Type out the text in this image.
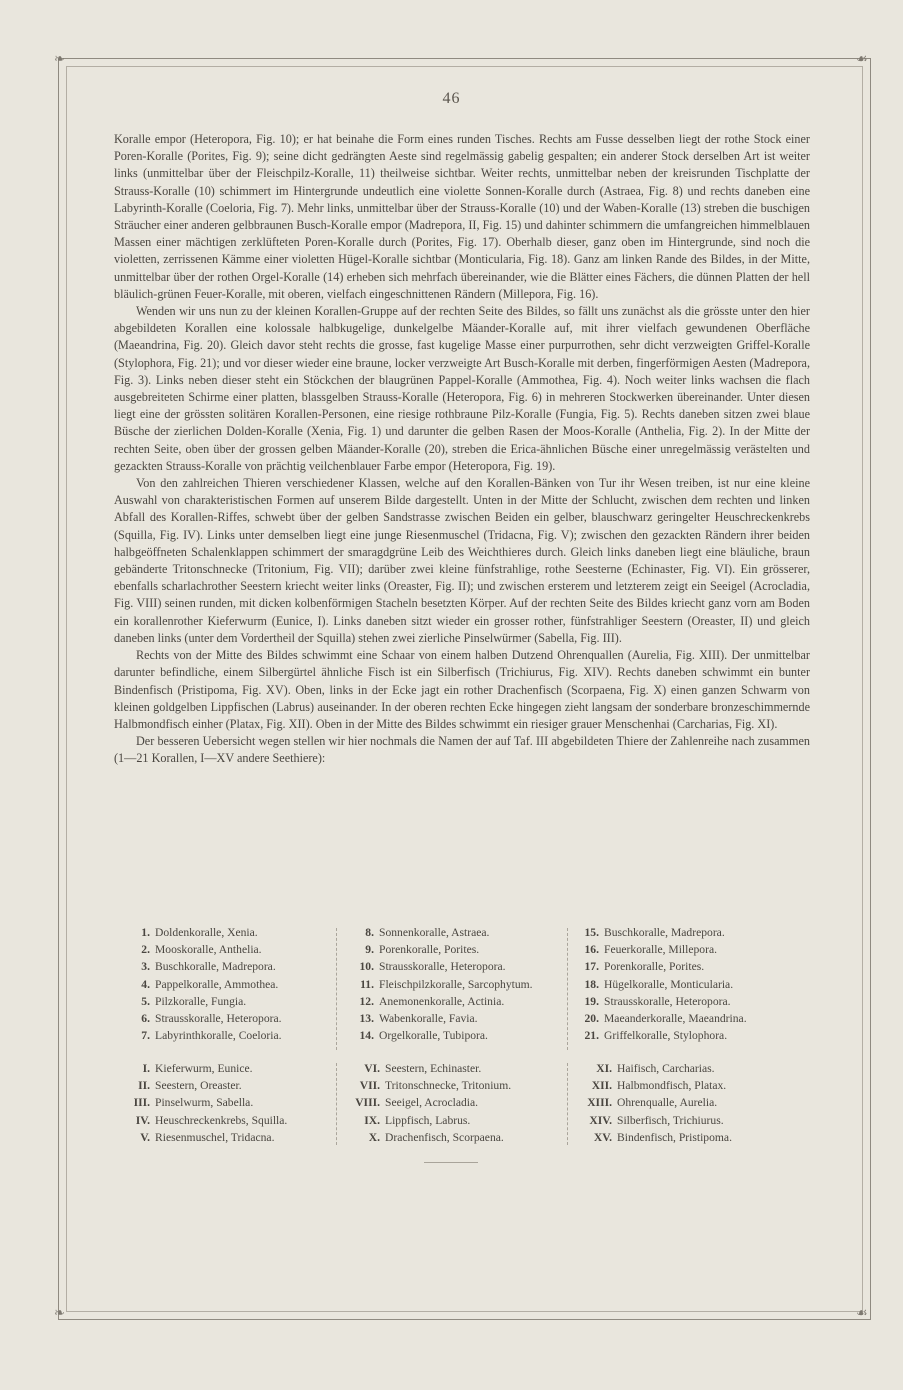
❧	☙
❧	☙
46

Koralle empor (Heteropora, Fig. 10); er hat beinahe die Form eines runden Tisches. Rechts am Fusse desselben liegt der rothe Stock einer Poren-Koralle (Porites, Fig. 9); seine dicht gedrängten Aeste sind regelmässig gabelig gespalten; ein anderer Stock derselben Art ist weiter links (unmittelbar über der Fleischpilz-Koralle, 11) theilweise sichtbar. Weiter rechts, unmittelbar neben der kreisrunden Tischplatte der Strauss-Koralle (10) schimmert im Hintergrunde undeutlich eine violette Sonnen-Koralle durch (Astraea, Fig. 8) und rechts daneben eine Labyrinth-Koralle (Coeloria, Fig. 7). Mehr links, unmittelbar über der Strauss-Koralle (10) und der Waben-Koralle (13) streben die buschigen Sträucher einer anderen gelbbraunen Busch-Koralle empor (Madrepora, II, Fig. 15) und dahinter schimmern die umfangreichen himmelblauen Massen einer mächtigen zerklüfteten Poren-Koralle durch (Porites, Fig. 17). Oberhalb dieser, ganz oben im Hintergrunde, sind noch die violetten, zerrissenen Kämme einer violetten Hügel-Koralle sichtbar (Monticularia, Fig. 18). Ganz am linken Rande des Bildes, in der Mitte, unmittelbar über der rothen Orgel-Koralle (14) erheben sich mehrfach übereinander, wie die Blätter eines Fächers, die dünnen Platten der hell bläulich-grünen Feuer-Koralle, mit oberen, vielfach eingeschnittenen Rändern (Millepora, Fig. 16).

Wenden wir uns nun zu der kleinen Korallen-Gruppe auf der rechten Seite des Bildes, so fällt uns zunächst als die grösste unter den hier abgebildeten Korallen eine kolossale halbkugelige, dunkelgelbe Mäander-Koralle auf, mit ihrer vielfach gewundenen Oberfläche (Maeandrina, Fig. 20). Gleich davor steht rechts die grosse, fast kugelige Masse einer purpurrothen, sehr dicht verzweigten Griffel-Koralle (Stylophora, Fig. 21); und vor dieser wieder eine braune, locker verzweigte Art Busch-Koralle mit derben, fingerförmigen Aesten (Madrepora, Fig. 3). Links neben dieser steht ein Stöckchen der blaugrünen Pappel-Koralle (Ammothea, Fig. 4). Noch weiter links wachsen die flach ausgebreiteten Schirme einer platten, blassgelben Strauss-Koralle (Heteropora, Fig. 6) in mehreren Stockwerken übereinander. Unter diesen liegt eine der grössten solitären Korallen-Personen, eine riesige rothbraune Pilz-Koralle (Fungia, Fig. 5). Rechts daneben sitzen zwei blaue Büsche der zierlichen Dolden-Koralle (Xenia, Fig. 1) und darunter die gelben Rasen der Moos-Koralle (Anthelia, Fig. 2). In der Mitte der rechten Seite, oben über der grossen gelben Mäander-Koralle (20), streben die Erica-ähnlichen Büsche einer unregelmässig verästelten und gezackten Strauss-Koralle von prächtig veilchenblauer Farbe empor (Heteropora, Fig. 19).

Von den zahlreichen Thieren verschiedener Klassen, welche auf den Korallen-Bänken von Tur ihr Wesen treiben, ist nur eine kleine Auswahl von charakteristischen Formen auf unserem Bilde dargestellt. Unten in der Mitte der Schlucht, zwischen dem rechten und linken Abfall des Korallen-Riffes, schwebt über der gelben Sandstrasse zwischen Beiden ein gelber, blauschwarz geringelter Heuschreckenkrebs (Squilla, Fig. IV). Links unter demselben liegt eine junge Riesenmuschel (Tridacna, Fig. V); zwischen den gezackten Rändern ihrer beiden halbgeöffneten Schalenklappen schimmert der smaragdgrüne Leib des Weichthieres durch. Gleich links daneben liegt eine bläuliche, braun gebänderte Tritonschnecke (Tritonium, Fig. VII); darüber zwei kleine fünfstrahlige, rothe Seesterne (Echinaster, Fig. VI). Ein grösserer, ebenfalls scharlachrother Seestern kriecht weiter links (Oreaster, Fig. II); und zwischen ersterem und letzterem zeigt ein Seeigel (Acrocladia, Fig. VIII) seinen runden, mit dicken kolbenförmigen Stacheln besetzten Körper. Auf der rechten Seite des Bildes kriecht ganz vorn am Boden ein korallenrother Kieferwurm (Eunice, I). Links daneben sitzt wieder ein grosser rother, fünfstrahliger Seestern (Oreaster, II) und gleich daneben links (unter dem Vordertheil der Squilla) stehen zwei zierliche Pinselwürmer (Sabella, Fig. III).

Rechts von der Mitte des Bildes schwimmt eine Schaar von einem halben Dutzend Ohrenquallen (Aurelia, Fig. XIII). Der unmittelbar darunter befindliche, einem Silbergürtel ähnliche Fisch ist ein Silberfisch (Trichiurus, Fig. XIV). Rechts daneben schwimmt ein bunter Bindenfisch (Pristipoma, Fig. XV). Oben, links in der Ecke jagt ein rother Drachenfisch (Scorpaena, Fig. X) einen ganzen Schwarm von kleinen goldgelben Lippfischen (Labrus) auseinander. In der oberen rechten Ecke hingegen zieht langsam der sonderbare bronzeschimmernde Halbmondfisch einher (Platax, Fig. XII). Oben in der Mitte des Bildes schwimmt ein riesiger grauer Menschenhai (Carcharias, Fig. XI).

Der besseren Uebersicht wegen stellen wir hier nochmals die Namen der auf Taf. III abgebildeten Thiere der Zahlenreihe nach zusammen (1—21 Korallen, I—XV andere Seethiere):

1. Doldenkoralle, Xenia.
2. Mooskoralle, Anthelia.
3. Buschkoralle, Madrepora.
4. Pappelkoralle, Ammothea.
5. Pilzkoralle, Fungia.
6. Strausskoralle, Heteropora.
7. Labyrinthkoralle, Coeloria.
8. Sonnenkoralle, Astraea.
9. Porenkoralle, Porites.
10. Strausskoralle, Heteropora.
11. Fleischpilzkoralle, Sarcophytum.
12. Anemonenkoralle, Actinia.
13. Wabenkoralle, Favia.
14. Orgelkoralle, Tubipora.
15. Buschkoralle, Madrepora.
16. Feuerkoralle, Millepora.
17. Porenkoralle, Porites.
18. Hügelkoralle, Monticularia.
19. Strausskoralle, Heteropora.
20. Maeanderkoralle, Maeandrina.
21. Griffelkoralle, Stylophora.
I. Kieferwurm, Eunice.
II. Seestern, Oreaster.
III. Pinselwurm, Sabella.
IV. Heuschreckenkrebs, Squilla.
V. Riesenmuschel, Tridacna.
VI. Seestern, Echinaster.
VII. Tritonschnecke, Tritonium.
VIII. Seeigel, Acrocladia.
IX. Lippfisch, Labrus.
X. Drachenfisch, Scorpaena.
XI. Haifisch, Carcharias.
XII. Halbmondfisch, Platax.
XIII. Ohrenqualle, Aurelia.
XIV. Silberfisch, Trichiurus.
XV. Bindenfisch, Pristipoma.
